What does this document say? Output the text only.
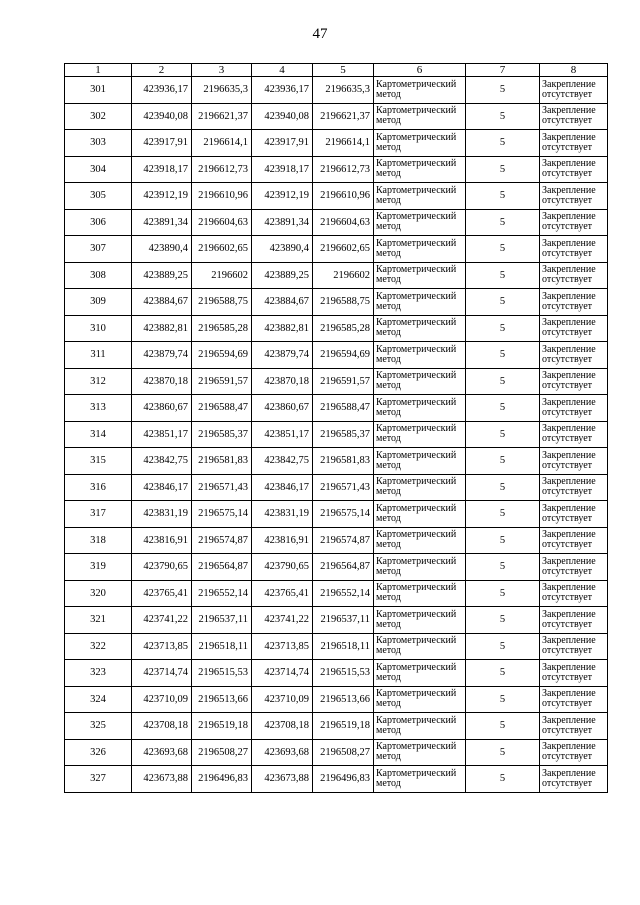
47
1	2	3	4	5	6	7	8
301	423936,17	2196635,3	423936,17	2196635,3	Картометрический метод	5	Закрепление отсутствует
302	423940,08	2196621,37	423940,08	2196621,37	Картометрический метод	5	Закрепление отсутствует
303	423917,91	2196614,1	423917,91	2196614,1	Картометрический метод	5	Закрепление отсутствует
304	423918,17	2196612,73	423918,17	2196612,73	Картометрический метод	5	Закрепление отсутствует
305	423912,19	2196610,96	423912,19	2196610,96	Картометрический метод	5	Закрепление отсутствует
306	423891,34	2196604,63	423891,34	2196604,63	Картометрический метод	5	Закрепление отсутствует
307	423890,4	2196602,65	423890,4	2196602,65	Картометрический метод	5	Закрепление отсутствует
308	423889,25	2196602	423889,25	2196602	Картометрический метод	5	Закрепление отсутствует
309	423884,67	2196588,75	423884,67	2196588,75	Картометрический метод	5	Закрепление отсутствует
310	423882,81	2196585,28	423882,81	2196585,28	Картометрический метод	5	Закрепление отсутствует
311	423879,74	2196594,69	423879,74	2196594,69	Картометрический метод	5	Закрепление отсутствует
312	423870,18	2196591,57	423870,18	2196591,57	Картометрический метод	5	Закрепление отсутствует
313	423860,67	2196588,47	423860,67	2196588,47	Картометрический метод	5	Закрепление отсутствует
314	423851,17	2196585,37	423851,17	2196585,37	Картометрический метод	5	Закрепление отсутствует
315	423842,75	2196581,83	423842,75	2196581,83	Картометрический метод	5	Закрепление отсутствует
316	423846,17	2196571,43	423846,17	2196571,43	Картометрический метод	5	Закрепление отсутствует
317	423831,19	2196575,14	423831,19	2196575,14	Картометрический метод	5	Закрепление отсутствует
318	423816,91	2196574,87	423816,91	2196574,87	Картометрический метод	5	Закрепление отсутствует
319	423790,65	2196564,87	423790,65	2196564,87	Картометрический метод	5	Закрепление отсутствует
320	423765,41	2196552,14	423765,41	2196552,14	Картометрический метод	5	Закрепление отсутствует
321	423741,22	2196537,11	423741,22	2196537,11	Картометрический метод	5	Закрепление отсутствует
322	423713,85	2196518,11	423713,85	2196518,11	Картометрический метод	5	Закрепление отсутствует
323	423714,74	2196515,53	423714,74	2196515,53	Картометрический метод	5	Закрепление отсутствует
324	423710,09	2196513,66	423710,09	2196513,66	Картометрический метод	5	Закрепление отсутствует
325	423708,18	2196519,18	423708,18	2196519,18	Картометрический метод	5	Закрепление отсутствует
326	423693,68	2196508,27	423693,68	2196508,27	Картометрический метод	5	Закрепление отсутствует
327	423673,88	2196496,83	423673,88	2196496,83	Картометрический метод	5	Закрепление отсутствует
